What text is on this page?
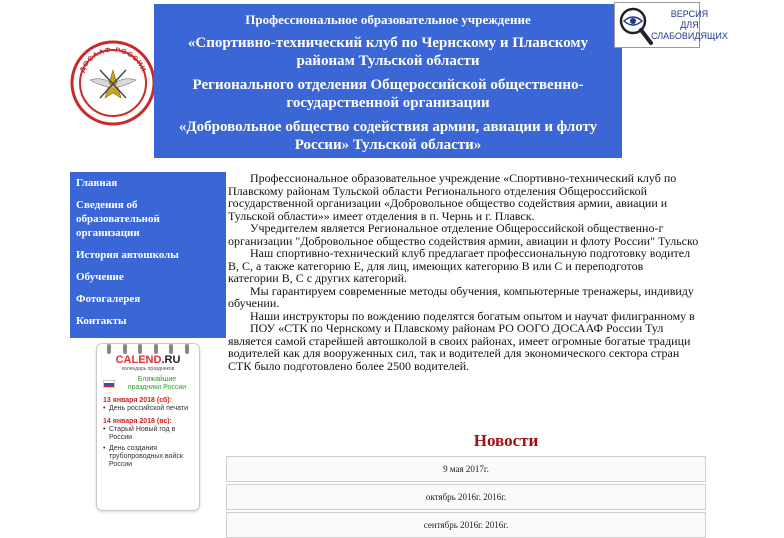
ДОСААФ РОССИИ
Профессиональное образовательное учреждение
«Спортивно-технический клуб по Чернскому и Плавскому районам Тульской области
Регионального отделения Общероссийской общественно-государственной организации
«Добровольное общество содействия армии, авиации и флоту России» Тульской области»
ВЕРСИЯ
ДЛЯ
СЛАБОВИДЯЩИХ
Главная
Сведения об образовательной организации
История автошколы
Обучение
Фотогалерея
Контакты
CALEND.RU
календарь праздников
Ближайшие праздники России
13 января 2018 (сб):
• День российской печати
14 января 2018 (вс):
• Старый Новый год в России
• День создания трубопроводных войск России

Профессиональное образовательное учреждение «Спортивно-технический клуб по

Плавскому районам Тульской области Регионального отделения Общероссийской

государственной организации «Добровольное общество содействия армии, авиации и

Тульской области»» имеет отделения в п. Чернь и г. Плавск.

Учредителем является Региональное отделение Общероссийской общественно-г

организации "Добровольное общество содействия армии, авиации и флоту России" Тульско

Наш спортивно-технический клуб предлагает профессиональную подготовку водител

B, C, а также категорию Е, для лиц, имеющих категорию В или С и переподготов

категории В, С с других категорий.

Мы гарантируем современные методы обучения, компьютерные тренажеры, индивиду

обучении.

Наши инструкторы по вождению поделятся богатым опытом и научат филигранному в

ПОУ «СТК по Чернскому и Плавскому районам РО ООГО ДОСААФ России Тул

является самой старейшей автошколой в своих районах, имеет огромные богатые традици

водителей как для вооруженных сил, так и водителей для экономического сектора стран

СТК было подготовлено более 2500 водителей.

Новости
9 мая 2017г.
октябрь 2016г. 2016г.
сентябрь 2016г. 2016г.
